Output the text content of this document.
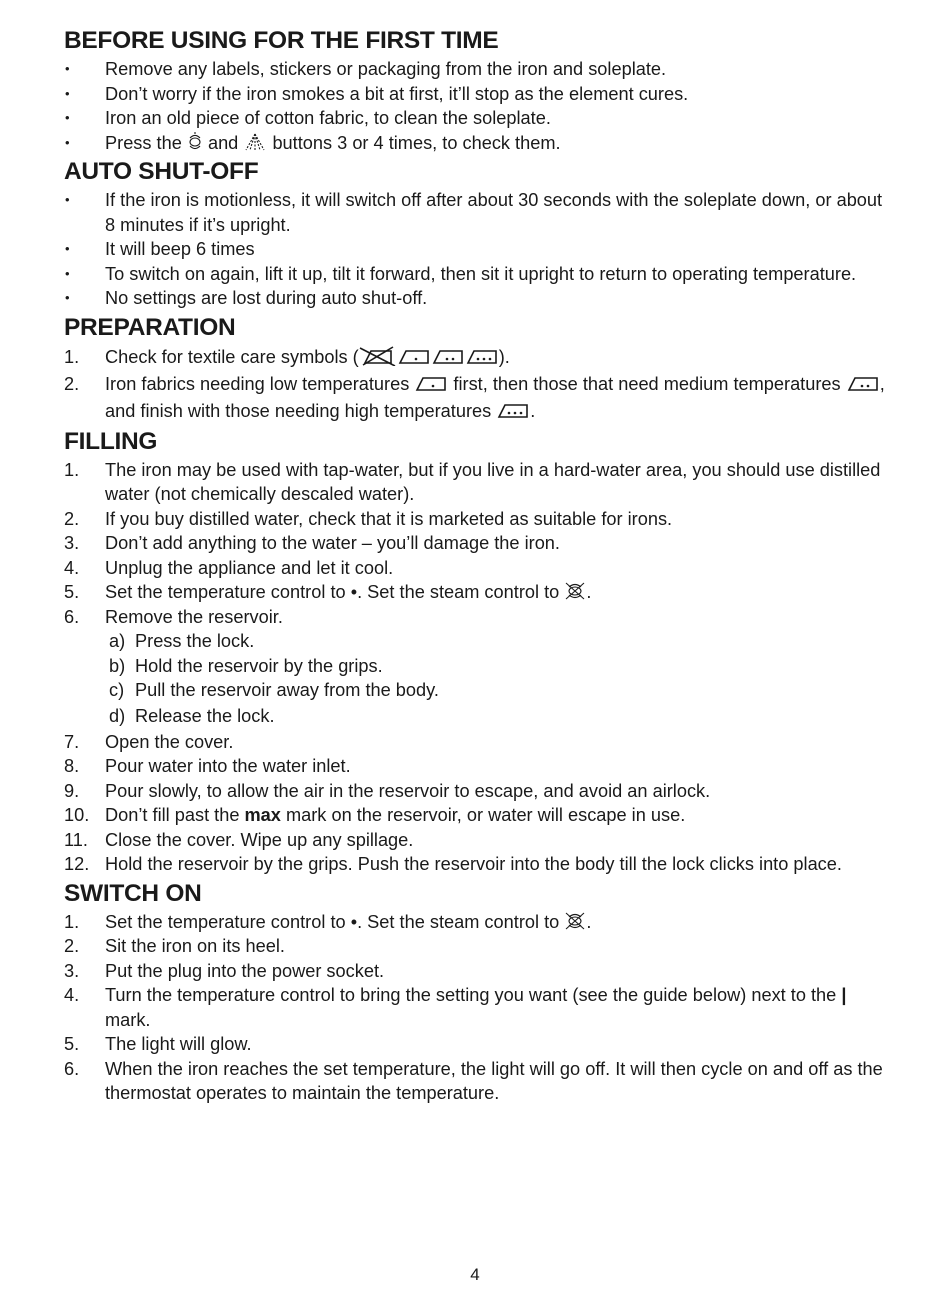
BEFORE USING FOR THE FIRST TIME
• Remove any labels, stickers or packaging from the iron and soleplate.
• Don’t worry if the iron smokes a bit at first, it’ll stop as the element cures.
• Iron an old piece of cotton fabric, to clean the soleplate.
• Press the and buttons 3 or 4 times, to check them.
AUTO SHUT-OFF
• If the iron is motionless, it will switch off after about 30 seconds with the soleplate down, or about 8 minutes if it’s upright.
• It will beep 6 times
• To switch on again, lift it up, tilt it forward, then sit it upright to return to operating temperature.
• No settings are lost during auto shut-off.
PREPARATION
1. Check for textile care symbols (	).
2. Iron fabrics needing low temperatures first, then those that need medium temperatures , and finish with those needing high temperatures .
FILLING
1. The iron may be used with tap-water, but if you live in a hard-water area, you should use distilled water (not chemically descaled water).
2. If you buy distilled water, check that it is marketed as suitable for irons.
3. Don’t add anything to the water – you’ll damage the iron.
4. Unplug the appliance and let it cool.
5. Set the temperature control to •. Set the steam control to .
6. Remove the reservoir.
a) Press the lock.
b) Hold the reservoir by the grips.
c) Pull the reservoir away from the body.
d) Release the lock.
7. Open the cover.
8. Pour water into the water inlet.
9. Pour slowly, to allow the air in the reservoir to escape, and avoid an airlock.
10. Don’t fill past the max mark on the reservoir, or water will escape in use.
11. Close the cover. Wipe up any spillage.
12. Hold the reservoir by the grips. Push the reservoir into the body till the lock clicks into place.
SWITCH ON
1. Set the temperature control to •. Set the steam control to .
2. Sit the iron on its heel.
3. Put the plug into the power socket.
4. Turn the temperature control to bring the setting you want (see the guide below) next to the | mark.
5. The light will glow.
6. When the iron reaches the set temperature, the light will go off. It will then cycle on and off as the thermostat operates to maintain the temperature.
4
